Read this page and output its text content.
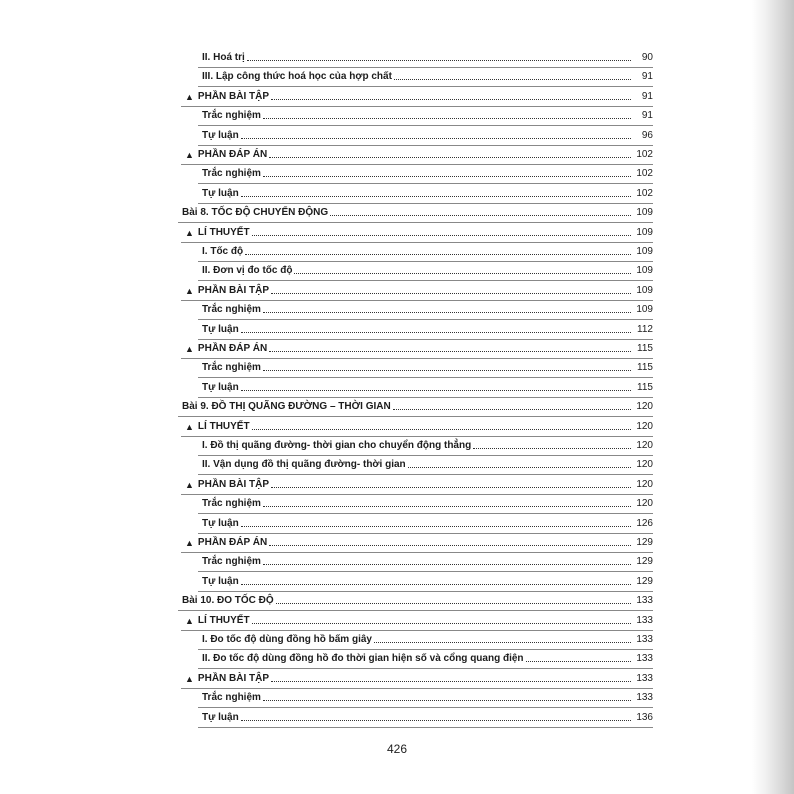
II. Hoá trị	90
III. Lập công thức hoá học của hợp chất	91
▲ PHẦN BÀI TẬP	91
Trắc nghiệm	91
Tự luận	96
▲ PHẦN ĐÁP ÁN	102
Trắc nghiệm	102
Tự luận	102
Bài 8. TỐC ĐỘ CHUYỂN ĐỘNG	109
▲ LÍ THUYẾT	109
I. Tốc độ	109
II. Đơn vị đo tốc độ	109
▲ PHẦN BÀI TẬP	109
Trắc nghiệm	109
Tự luận	112
▲ PHẦN ĐÁP ÁN	115
Trắc nghiệm	115
Tự luận	115
Bài 9. ĐỒ THỊ QUÃNG ĐƯỜNG – THỜI GIAN	120
▲ LÍ THUYẾT	120
I. Đồ thị quãng đường- thời gian cho chuyển động thẳng	120
II. Vận dụng đồ thị quãng đường- thời gian	120
▲ PHẦN BÀI TẬP	120
Trắc nghiệm	120
Tự luận	126
▲ PHẦN ĐÁP ÁN	129
Trắc nghiệm	129
Tự luận	129
Bài 10. ĐO TỐC ĐỘ	133
▲ LÍ THUYẾT	133
I. Đo tốc độ dùng đồng hồ bấm giây	133
II. Đo tốc độ dùng đồng hồ đo thời gian hiện số và cổng quang điện	133
▲ PHẦN BÀI TẬP	133
Trắc nghiệm	133
Tự luận	136
426
